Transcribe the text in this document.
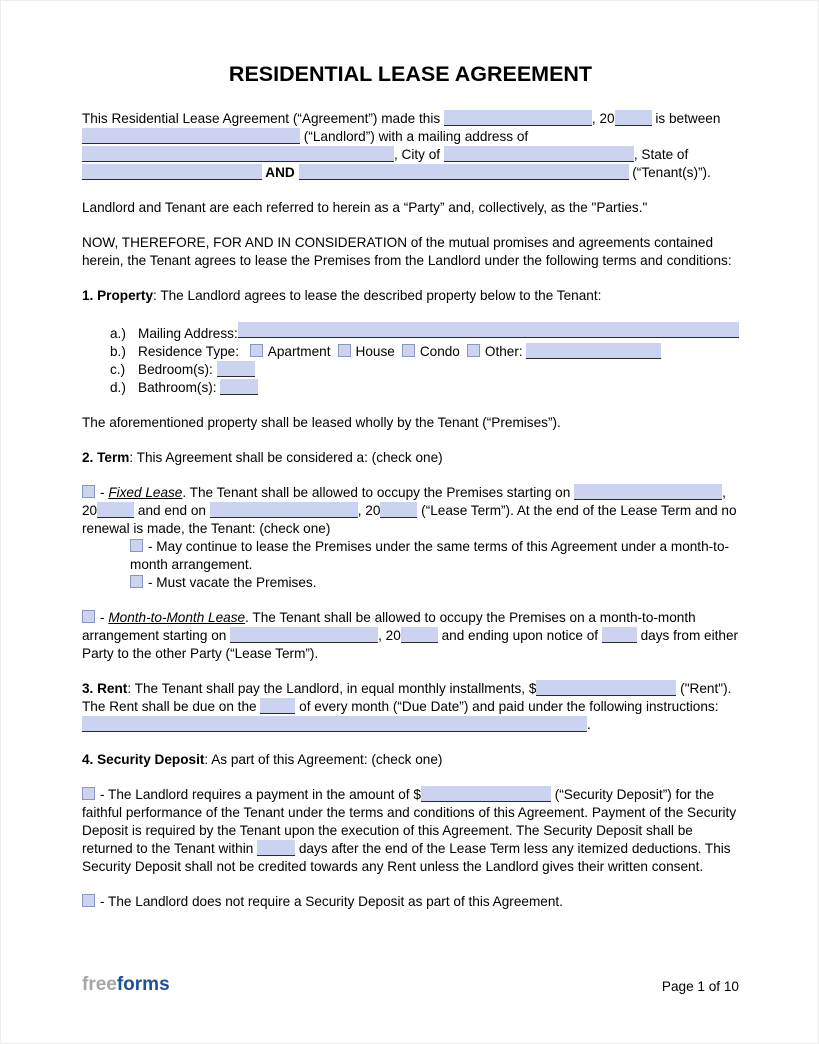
RESIDENTIAL LEASE AGREEMENT

This Residential Lease Agreement (“Agreement”) made this	, 20	is between  (“Landlord”) with a mailing address of , City of	, State of  AND	(“Tenant(s)”).

Landlord and Tenant are each referred to herein as a “Party” and, collectively, as the "Parties."

NOW, THEREFORE, FOR AND IN CONSIDERATION of the mutual promises and agreements contained herein, the Tenant agrees to lease the Premises from the Landlord under the following terms and conditions:

1. Property: The Landlord agrees to lease the described property below to the Tenant:

a.) Mailing Address:
b.) Residence Type: Apartment House Condo Other:
c.) Bedroom(s):
d.) Bathroom(s):

The aforementioned property shall be leased wholly by the Tenant (“Premises”).

2. Term: This Agreement shall be considered a: (check one)

- Fixed Lease. The Tenant shall be allowed to occupy the Premises starting on	, 20	and end on	, 20	(“Lease Term”). At the end of the Lease Term and no renewal is made, the Tenant: (check one)

- May continue to lease the Premises under the same terms of this Agreement under a month-to-month arrangement.

- Must vacate the Premises.

- Month-to-Month Lease. The Tenant shall be allowed to occupy the Premises on a month-to-month arrangement starting on	, 20	and ending upon notice of	days from either Party to the other Party (“Lease Term”).

3. Rent: The Tenant shall pay the Landlord, in equal monthly installments, $	("Rent"). The Rent shall be due on the	of every month (“Due Date”) and paid under the following instructions: .

4. Security Deposit: As part of this Agreement: (check one)

- The Landlord requires a payment in the amount of $	(“Security Deposit”) for the faithful performance of the Tenant under the terms and conditions of this Agreement. Payment of the Security Deposit is required by the Tenant upon the execution of this Agreement. The Security Deposit shall be returned to the Tenant within	days after the end of the Lease Term less any itemized deductions. This Security Deposit shall not be credited towards any Rent unless the Landlord gives their written consent.

- The Landlord does not require a Security Deposit as part of this Agreement.

freeforms	Page 1 of 10
